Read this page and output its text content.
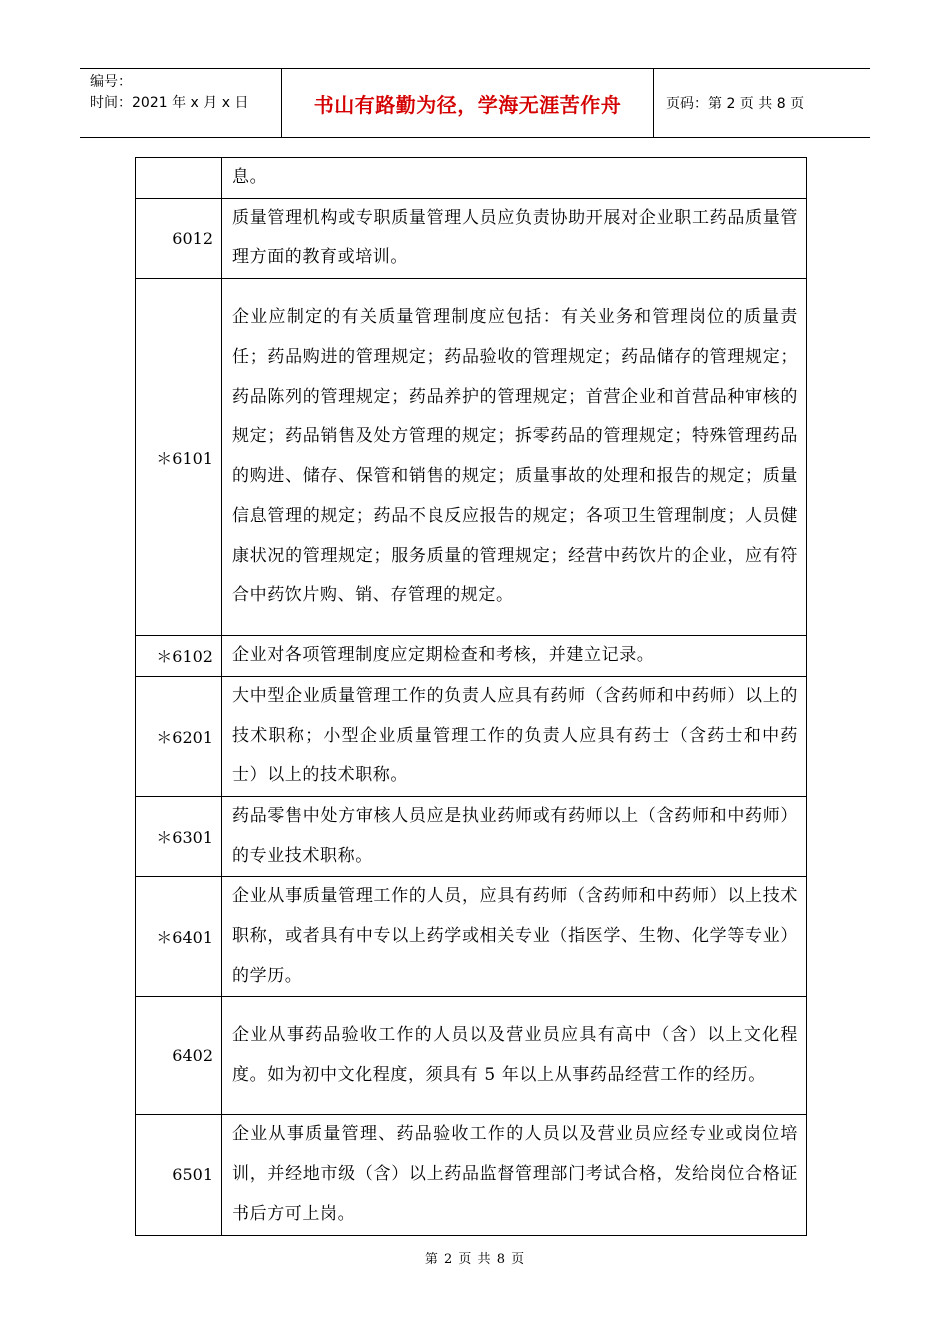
编号：
时间：2021 年 x 月 x 日	书山有路勤为径，学海无涯苦作舟	页码：第 2 页 共 8 页
	息。
6012	质量管理机构或专职质量管理人员应负责协助开展对企业职工药品质量管理方面的教育或培训。
＊6101	企业应制定的有关质量管理制度应包括：有关业务和管理岗位的质量责任；药品购进的管理规定；药品验收的管理规定；药品储存的管理规定；药品陈列的管理规定；药品养护的管理规定；首营企业和首营品种审核的规定；药品销售及处方管理的规定；拆零药品的管理规定；特殊管理药品的购进、储存、保管和销售的规定；质量事故的处理和报告的规定；质量信息管理的规定；药品不良反应报告的规定；各项卫生管理制度；人员健康状况的管理规定；服务质量的管理规定；经营中药饮片的企业，应有符合中药饮片购、销、存管理的规定。
＊6102	企业对各项管理制度应定期检查和考核，并建立记录。
＊6201	大中型企业质量管理工作的负责人应具有药师（含药师和中药师）以上的技术职称；小型企业质量管理工作的负责人应具有药士（含药士和中药士）以上的技术职称。
＊6301	药品零售中处方审核人员应是执业药师或有药师以上（含药师和中药师）的专业技术职称。
＊6401	企业从事质量管理工作的人员，应具有药师（含药师和中药师）以上技术职称，或者具有中专以上药学或相关专业（指医学、生物、化学等专业）的学历。
6402	企业从事药品验收工作的人员以及营业员应具有高中（含）以上文化程度。如为初中文化程度，须具有 5 年以上从事药品经营工作的经历。
6501	企业从事质量管理、药品验收工作的人员以及营业员应经专业或岗位培训，并经地市级（含）以上药品监督管理部门考试合格，发给岗位合格证书后方可上岗。
第 2 页 共 8 页
